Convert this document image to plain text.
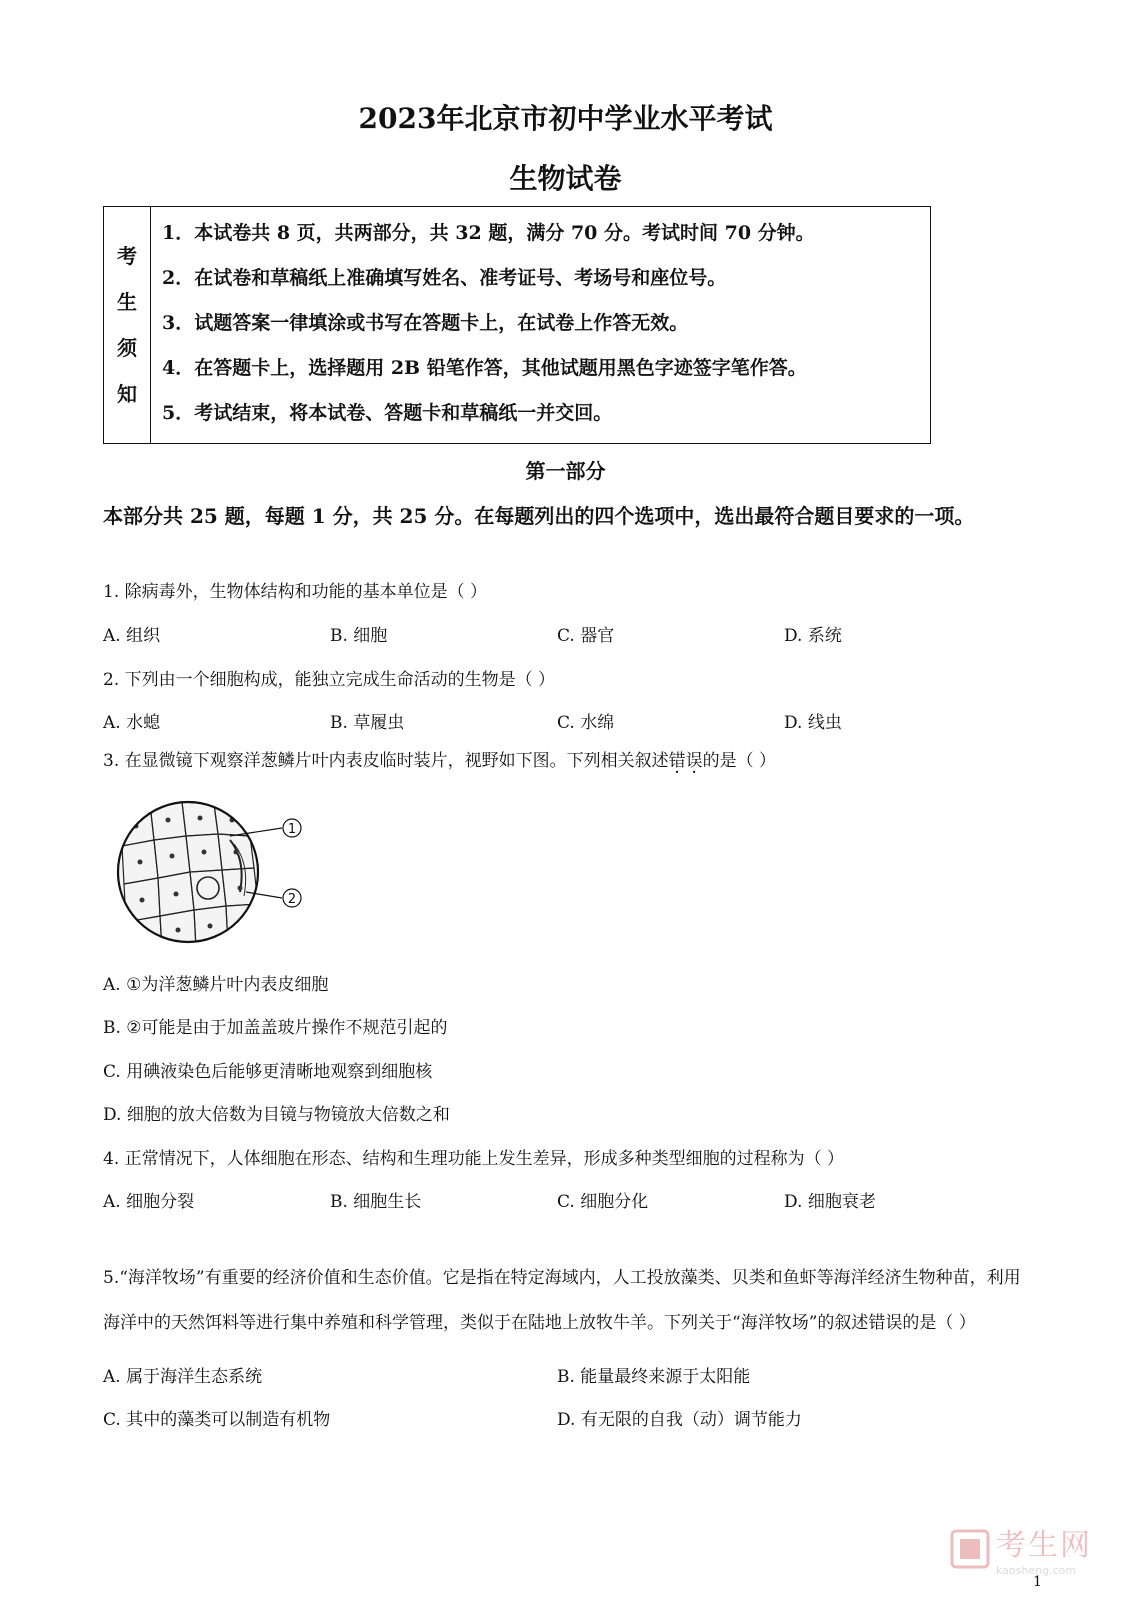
2023年北京市初中学业水平考试
生物试卷
考
生
须
知
1．本试卷共 8 页，共两部分，共 32 题，满分 70 分。考试时间 70 分钟。
2．在试卷和草稿纸上准确填写姓名、准考证号、考场号和座位号。
3．试题答案一律填涂或书写在答题卡上，在试卷上作答无效。
4．在答题卡上，选择题用 2B 铅笔作答，其他试题用黑色字迹签字笔作答。
5．考试结束，将本试卷、答题卡和草稿纸一并交回。
第一部分
本部分共 25 题，每题 1 分，共 25 分。在每题列出的四个选项中，选出最符合题目要求的一项。
1. 除病毒外，生物体结构和功能的基本单位是（ ）
A. 组织	B. 细胞	C. 器官	D. 系统
2. 下列由一个细胞构成，能独立完成生命活动的生物是（ ）
A. 水螅	B. 草履虫	C. 水绵	D. 线虫
3. 在显微镜下观察洋葱鳞片叶内表皮临时装片，视野如下图。下列相关叙述错误的是（ ）
1
2
A. ①为洋葱鳞片叶内表皮细胞
B. ②可能是由于加盖盖玻片操作不规范引起的
C. 用碘液染色后能够更清晰地观察到细胞核
D. 细胞的放大倍数为目镜与物镜放大倍数之和
4. 正常情况下，人体细胞在形态、结构和生理功能上发生差异，形成多种类型细胞的过程称为（ ）
A. 细胞分裂	B. 细胞生长	C. 细胞分化	D. 细胞衰老
5.“海洋牧场”有重要的经济价值和生态价值。它是指在特定海域内，人工投放藻类、贝类和鱼虾等海洋经济生物种苗，利用海洋中的天然饵料等进行集中养殖和科学管理，类似于在陆地上放牧牛羊。下列关于“海洋牧场”的叙述错误的是（ ）
A. 属于海洋生态系统	B. 能量最终来源于太阳能
C. 其中的藻类可以制造有机物	D. 有无限的自我（动）调节能力
考生网
kaosheng.com
1
